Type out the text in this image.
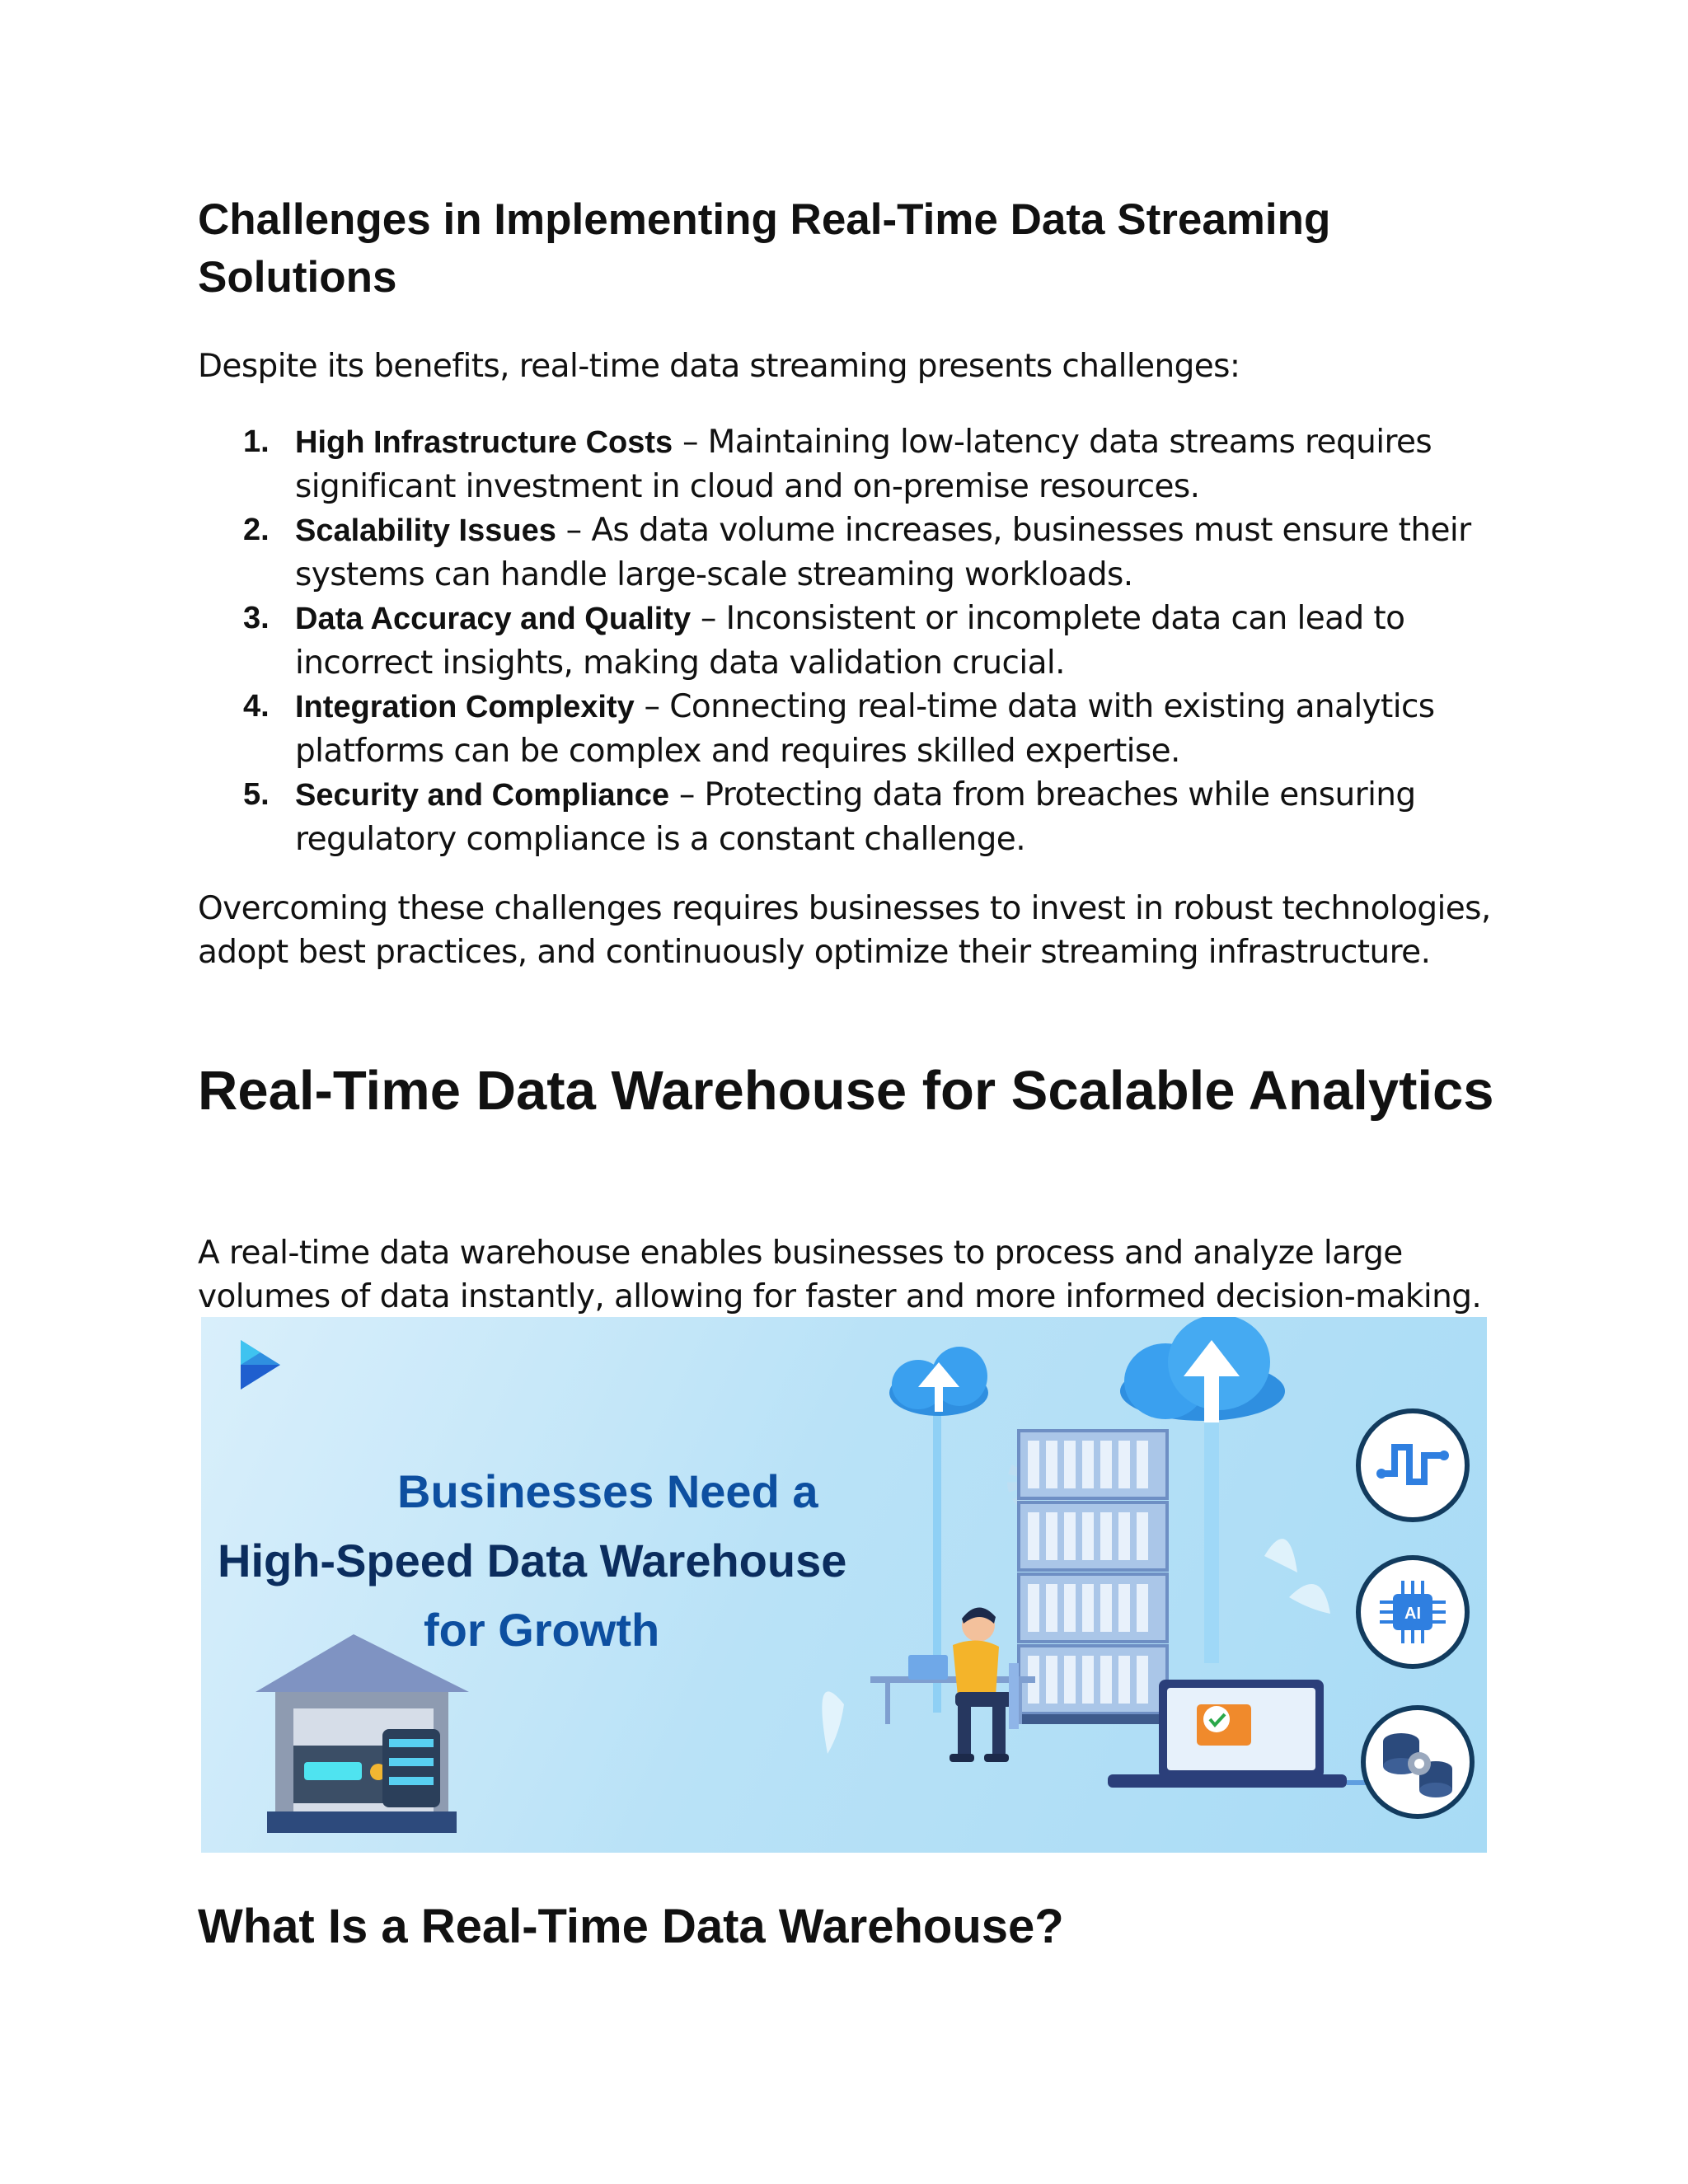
Challenges in Implementing Real-Time Data Streaming Solutions

Despite its benefits, real-time data streaming presents challenges:

1. High Infrastructure Costs – Maintaining low-latency data streams requires significant investment in cloud and on-premise resources.
2. Scalability Issues – As data volume increases, businesses must ensure their systems can handle large-scale streaming workloads.
3. Data Accuracy and Quality – Inconsistent or incomplete data can lead to incorrect insights, making data validation crucial.
4. Integration Complexity – Connecting real-time data with existing analytics platforms can be complex and requires skilled expertise.
5. Security and Compliance – Protecting data from breaches while ensuring regulatory compliance is a constant challenge.

Overcoming these challenges requires businesses to invest in robust technologies, adopt best practices, and continuously optimize their streaming infrastructure.

Real-Time Data Warehouse for Scalable Analytics

A real-time data warehouse enables businesses to process and analyze large volumes of data instantly, allowing for faster and more informed decision-making.

AI

Businesses Need a
High-Speed Data Warehouse
for Growth

What Is a Real-Time Data Warehouse?
